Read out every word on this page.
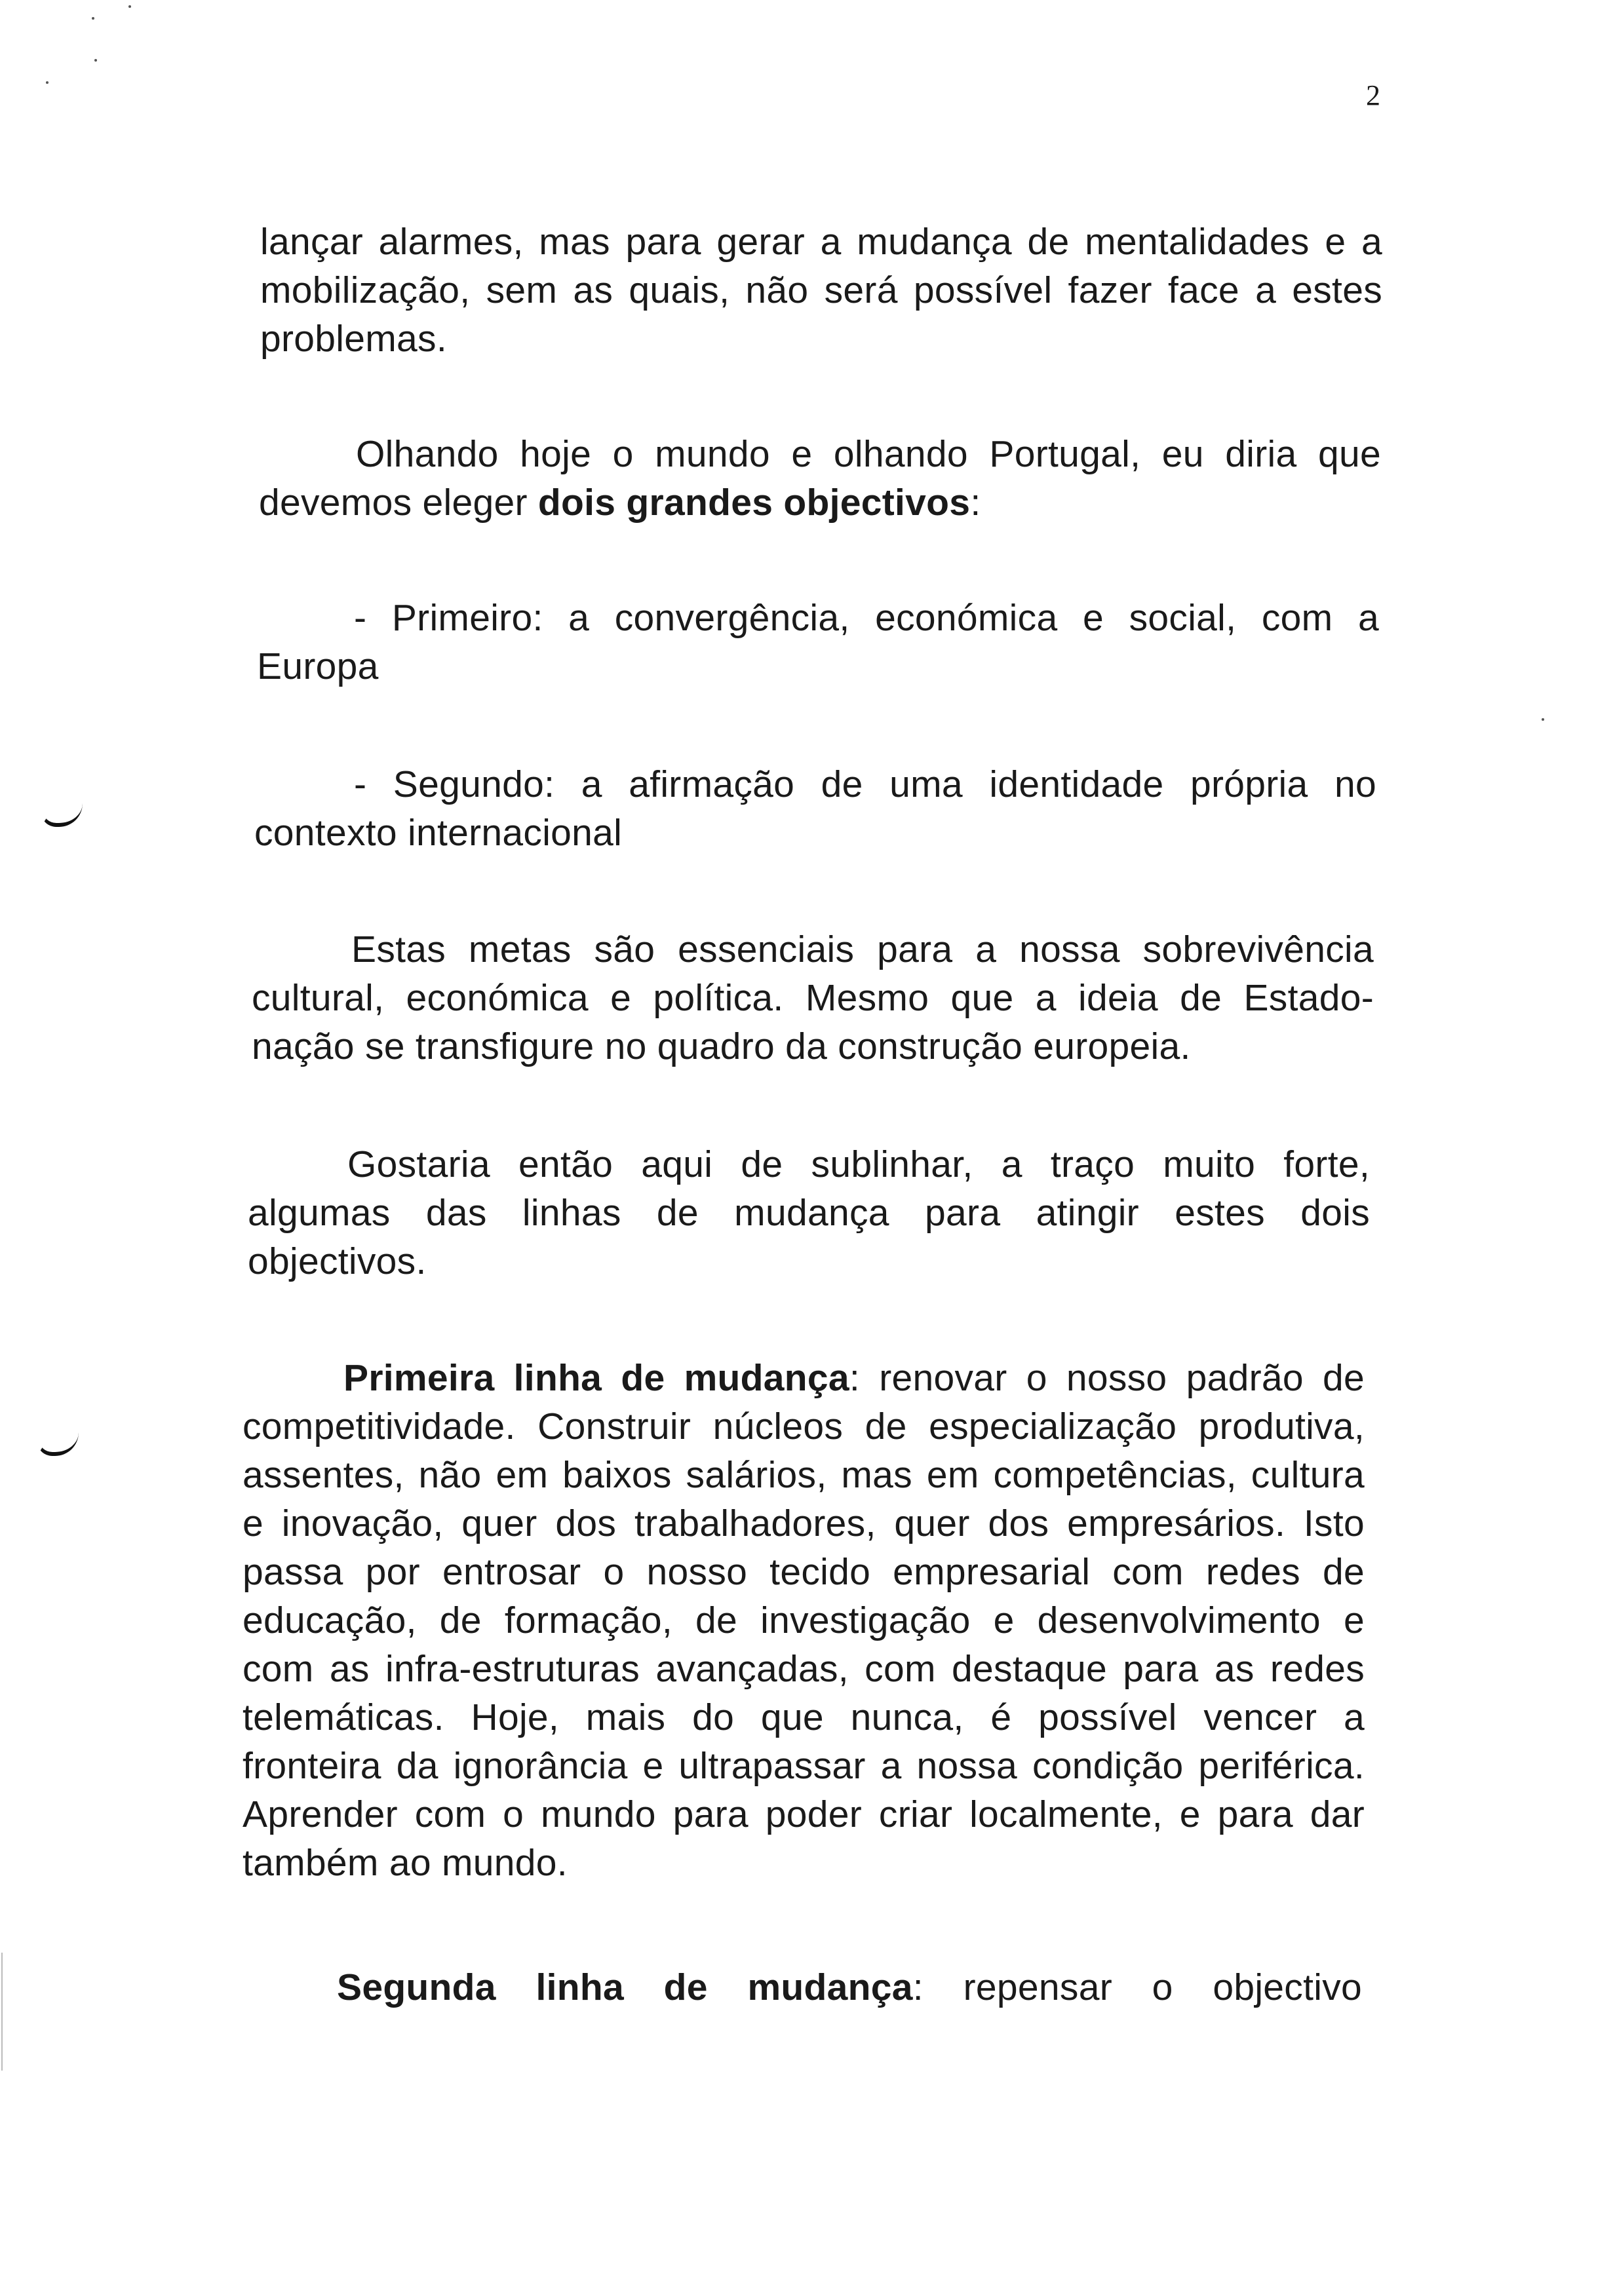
2
lançar alarmes, mas para gerar a mudança de mentalidades e a
mobilização, sem as quais, não será possível fazer face a estes
problemas.
Olhando hoje o mundo e olhando Portugal, eu diria que
devemos eleger dois grandes objectivos:
- Primeiro: a convergência, económica e social, com a
Europa
- Segundo: a afirmação de uma identidade própria no
contexto internacional
Estas metas são essenciais para a nossa sobrevivência
cultural, económica e política. Mesmo que a ideia de Estado-
nação se transfigure no quadro da construção europeia.
Gostaria então aqui de sublinhar, a traço muito forte,
algumas das linhas de mudança para atingir estes dois
objectivos.
Primeira linha de mudança: renovar o nosso padrão de
competitividade. Construir núcleos de especialização produtiva,
assentes, não em baixos salários, mas em competências, cultura
e inovação, quer dos trabalhadores, quer dos empresários. Isto
passa por entrosar o nosso tecido empresarial com redes de
educação, de formação, de investigação e desenvolvimento e
com as infra-estruturas avançadas, com destaque para as redes
telemáticas. Hoje, mais do que nunca, é possível vencer a
fronteira da ignorância e ultrapassar a nossa condição periférica.
Aprender com o mundo para poder criar localmente, e para dar
também ao mundo.
Segunda linha de mudança: repensar o objectivo
